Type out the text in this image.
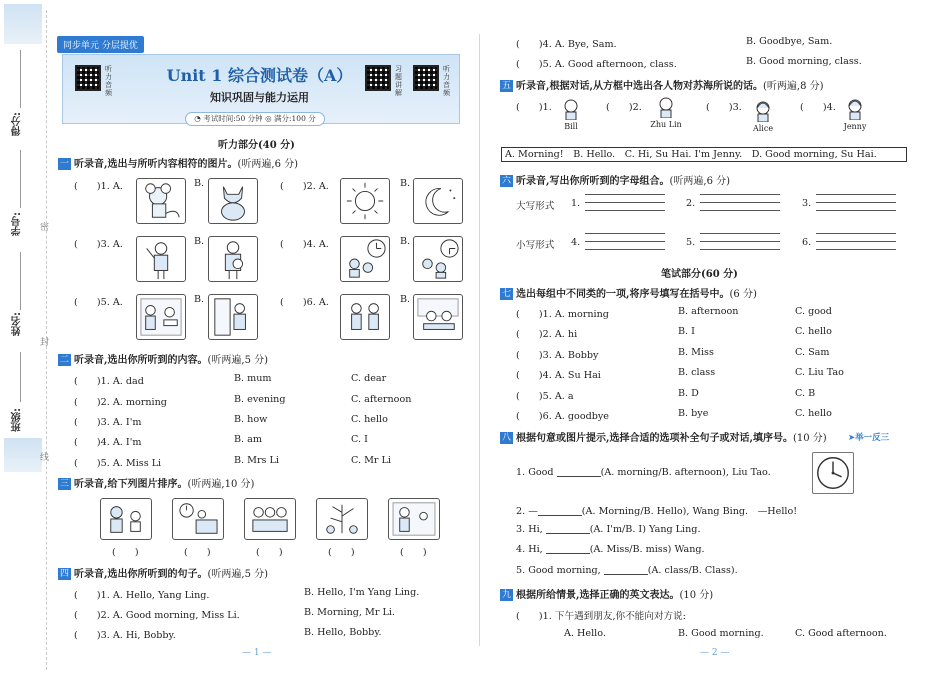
得分:
学号:
姓名:
班级:
密
封
线
听力音频
习题讲解
听力音频
同步单元 分层提优
Unit 1 综合测试卷（A）
知识巩固与能力运用
◔ 考试时间:50 分钟 ◎ 满分:100 分
听力部分(40 分)
一 听录音,选出与所听内容相符的图片。(听两遍,6 分)
(　　)1. A.	B.	(　　)2. A.	B.
(　　)3. A.	B.	(　　)4. A.	B.
(　　)5. A.	B.	(　　)6. A.	B.
二 听录音,选出你所听到的内容。(听两遍,5 分)
(　　)1. A. dad	B. mum	C. dear
(　　)2. A. morning	B. evening	C. afternoon
(　　)3. A. I'm	B. how	C. hello
(　　)4. A. I'm	B. am	C. I
(　　)5. A. Miss Li	B. Mrs Li	C. Mr Li
三 听录音,给下列图片排序。(听两遍,10 分)
(　　)	(　　)	(　　)	(　　)	(　　)
四 听录音,选出你所听到的句子。(听两遍,5 分)
(　　)1. A. Hello, Yang Ling.	B. Hello, I'm Yang Ling.
(　　)2. A. Good morning, Miss Li.	B. Morning, Mr Li.
(　　)3. A. Hi, Bobby.	B. Hello, Bobby.
— 1 —
(　　)4. A. Bye, Sam.	B. Goodbye, Sam.
(　　)5. A. Good afternoon, class.	B. Good morning, class.
五 听录音,根据对话,从方框中选出各人物对苏海所说的话。(听两遍,8 分)
(　　)1.
Bill
(　　)2.
Zhu Lin
(　　)3.
Alice
(　　)4.
Jenny
A. Morning!　B. Hello.　C. Hi, Su Hai. I'm Jenny.　D. Good morning, Su Hai.
六 听录音,写出你所听到的字母组合。(听两遍,6 分)
大写形式 1.	2.	3.
小写形式 4.	5.	6.
笔试部分(60 分)
七 选出每组中不同类的一项,将序号填写在括号中。(6 分)
(　　)1. A. morning	B. afternoon	C. good
(　　)2. A. hi	B. I	C. hello
(　　)3. A. Bobby	B. Miss	C. Sam
(　　)4. A. Su Hai	B. class	C. Liu Tao
(　　)5. A. a	B. D	C. B
(　　)6. A. goodbye	B. bye	C. hello
八 根据句意或图片提示,选择合适的选项补全句子或对话,填序号。(10 分)	➤举一反三
1. Good	(A. morning/B. afternoon), Liu Tao.
2. —	(A. Morning/B. Hello), Wang Bing.　—Hello!
3. Hi,	(A. I'm/B. I) Yang Ling.
4. Hi,	(A. Miss/B. miss) Wang.
5. Good morning,	(A. class/B. Class).
九 根据所给情景,选择正确的英文表达。(10 分)
(　　)1. 下午遇到朋友,你不能向对方说:
A. Hello.	B. Good morning.	C. Good afternoon.
— 2 —
